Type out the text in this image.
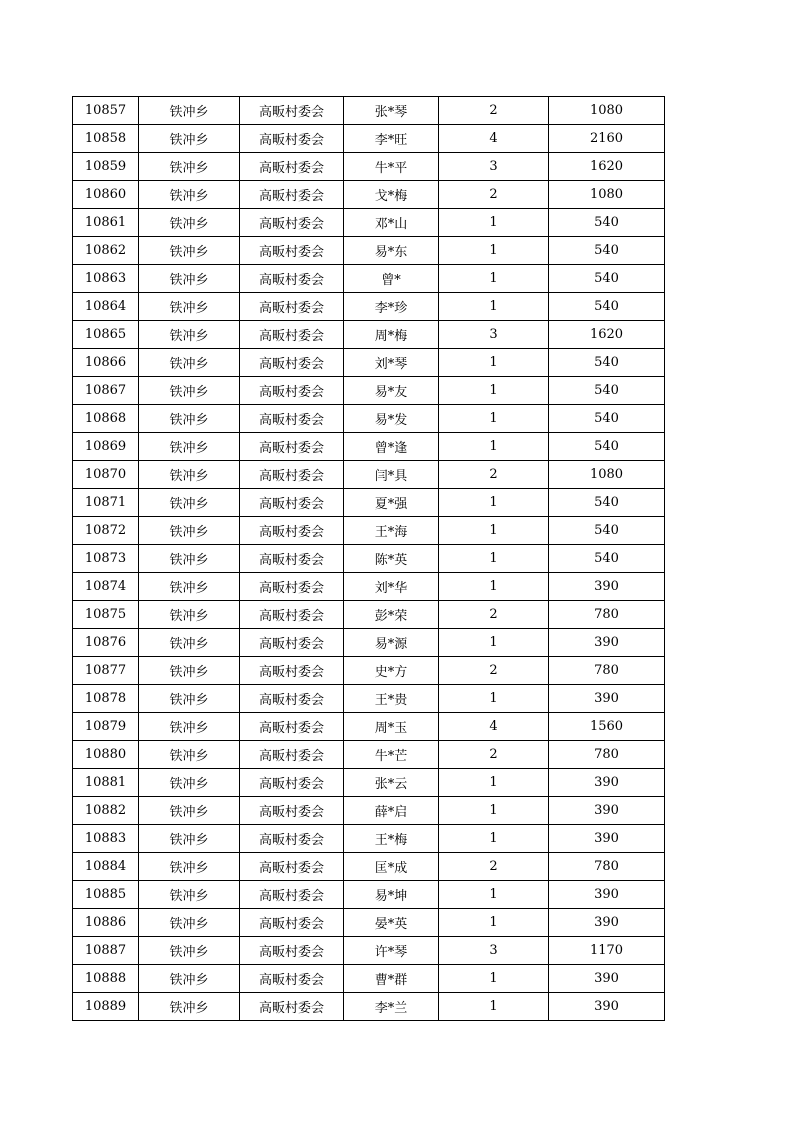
10857	铁冲乡	高畈村委会	张*琴	2	1080
10858	铁冲乡	高畈村委会	李*旺	4	2160
10859	铁冲乡	高畈村委会	牛*平	3	1620
10860	铁冲乡	高畈村委会	戈*梅	2	1080
10861	铁冲乡	高畈村委会	邓*山	1	540
10862	铁冲乡	高畈村委会	易*东	1	540
10863	铁冲乡	高畈村委会	曾*	1	540
10864	铁冲乡	高畈村委会	李*珍	1	540
10865	铁冲乡	高畈村委会	周*梅	3	1620
10866	铁冲乡	高畈村委会	刘*琴	1	540
10867	铁冲乡	高畈村委会	易*友	1	540
10868	铁冲乡	高畈村委会	易*发	1	540
10869	铁冲乡	高畈村委会	曾*逢	1	540
10870	铁冲乡	高畈村委会	闫*具	2	1080
10871	铁冲乡	高畈村委会	夏*强	1	540
10872	铁冲乡	高畈村委会	王*海	1	540
10873	铁冲乡	高畈村委会	陈*英	1	540
10874	铁冲乡	高畈村委会	刘*华	1	390
10875	铁冲乡	高畈村委会	彭*荣	2	780
10876	铁冲乡	高畈村委会	易*源	1	390
10877	铁冲乡	高畈村委会	史*方	2	780
10878	铁冲乡	高畈村委会	王*贵	1	390
10879	铁冲乡	高畈村委会	周*玉	4	1560
10880	铁冲乡	高畈村委会	牛*芒	2	780
10881	铁冲乡	高畈村委会	张*云	1	390
10882	铁冲乡	高畈村委会	薛*启	1	390
10883	铁冲乡	高畈村委会	王*梅	1	390
10884	铁冲乡	高畈村委会	匡*成	2	780
10885	铁冲乡	高畈村委会	易*坤	1	390
10886	铁冲乡	高畈村委会	晏*英	1	390
10887	铁冲乡	高畈村委会	许*琴	3	1170
10888	铁冲乡	高畈村委会	曹*群	1	390
10889	铁冲乡	高畈村委会	李*兰	1	390
